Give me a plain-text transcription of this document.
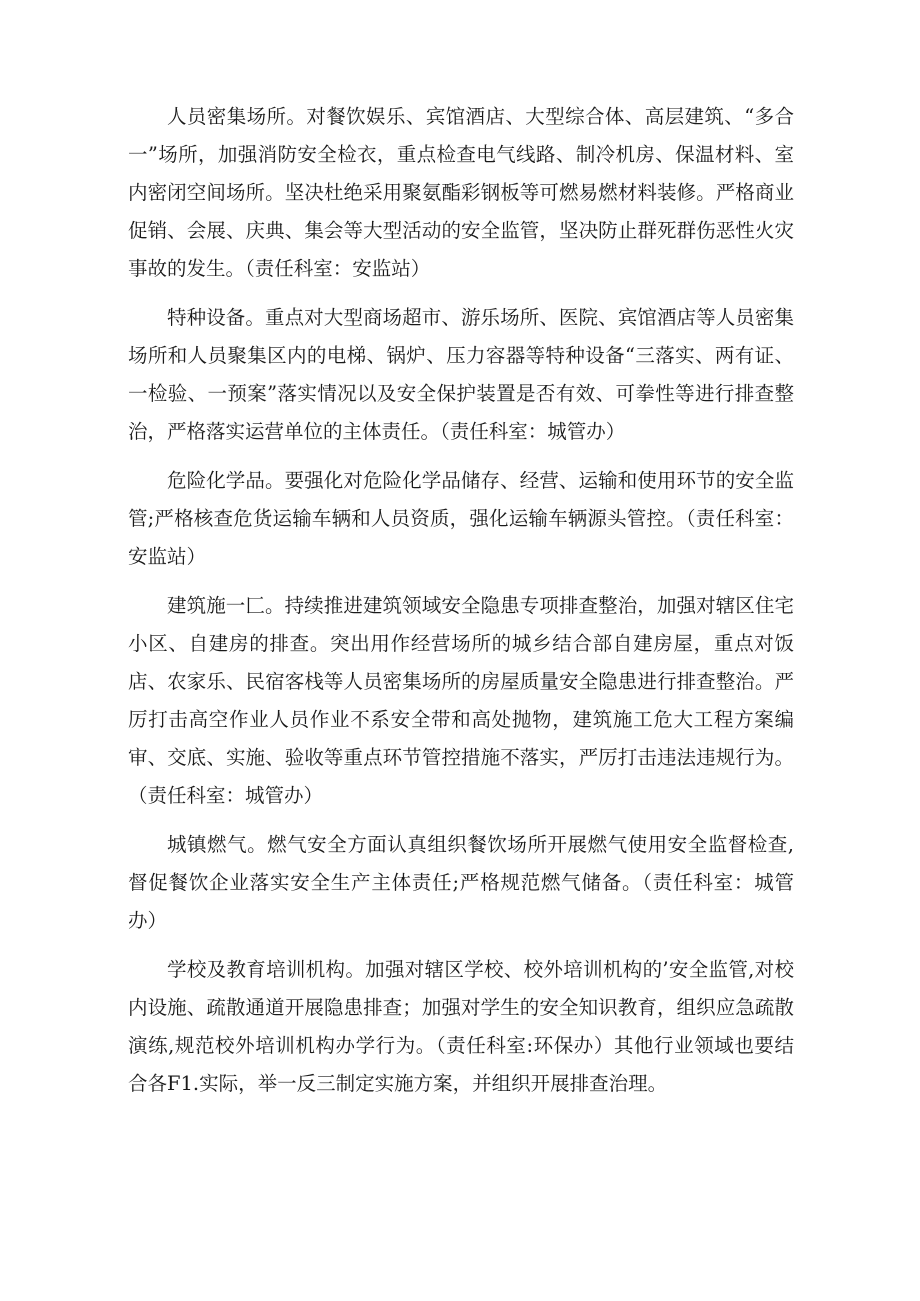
人员密集场所。对餐饮娱乐、宾馆酒店、大型综合体、高层建筑、“多合一”场所，加强消防安全检衣，重点检查电气线路、制冷机房、保温材料、室内密闭空间场所。坚决杜绝采用聚氨酯彩钢板等可燃易燃材料装修。严格商业促销、会展、庆典、集会等大型活动的安全监管，坚决防止群死群伤恶性火灾事故的发生。（责任科室：安监站）

特种设备。重点对大型商场超市、游乐场所、医院、宾馆酒店等人员密集场所和人员聚集区内的电梯、锅炉、压力容器等特种设备“三落实、两有证、一检验、一预案”落实情况以及安全保护装置是否有效、可拳性等进行排查整治，严格落实运营单位的主体责任。（责任科室：城管办）

危险化学品。要强化对危险化学品储存、经营、运输和使用环节的安全监管;严格核查危货运输车辆和人员资质，强化运输车辆源头管控。（责任科室：安监站）

建筑施一匚。持续推进建筑领域安全隐患专项排查整治，加强对辖区住宅小区、自建房的排查。突出用作经营场所的城乡结合部自建房屋，重点对饭店、农家乐、民宿客栈等人员密集场所的房屋质量安全隐患进行排查整治。严厉打击高空作业人员作业不系安全带和高处抛物，建筑施工危大工程方案编审、交底、实施、验收等重点环节管控措施不落实，严厉打击违法违规行为。（责任科室：城管办）

城镇燃气。燃气安全方面认真组织餐饮场所开展燃气使用安全监督检查,督促餐饮企业落实安全生产主体责任;严格规范燃气储备。（责任科室：城管办）

学校及教育培训机构。加强对辖区学校、校外培训机构的’安全监管,对校内设施、疏散通道开展隐患排查；加强对学生的安全知识教育，组织应急疏散演练,规范校外培训机构办学行为。（责任科室:环保办）其他行业领域也要结合各F1.实际，举一反三制定实施方案，并组织开展排查治理。
